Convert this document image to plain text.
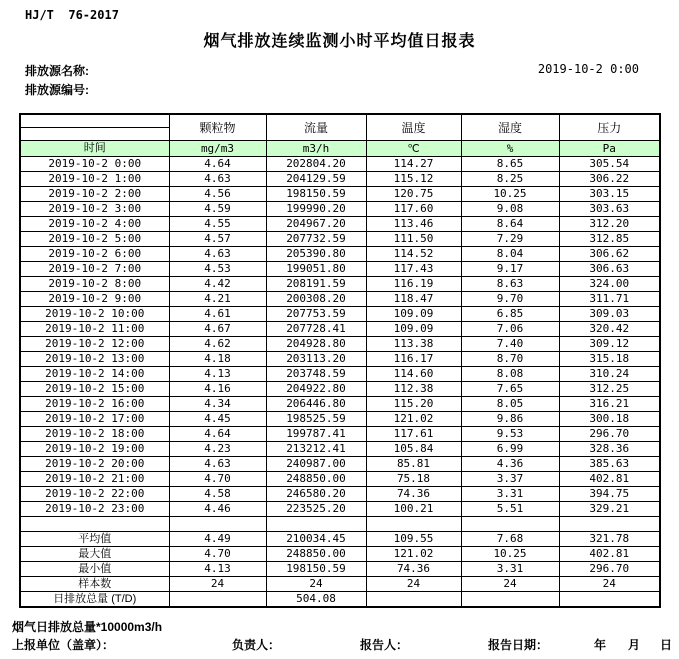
HJ/T  76-2017
烟气排放连续监测小时平均值日报表
排放源名称:	2019-10-2 0:00
排放源编号:
	颗粒物	流量	温度	湿度	压力

时间	mg/m3	m3/h	℃	%	Pa
2019-10-2 0:00	4.64	202804.20	114.27	8.65	305.54
2019-10-2 1:00	4.63	204129.59	115.12	8.25	306.22
2019-10-2 2:00	4.56	198150.59	120.75	10.25	303.15
2019-10-2 3:00	4.59	199990.20	117.60	9.08	303.63
2019-10-2 4:00	4.55	204967.20	113.46	8.64	312.20
2019-10-2 5:00	4.57	207732.59	111.50	7.29	312.85
2019-10-2 6:00	4.63	205390.80	114.52	8.04	306.62
2019-10-2 7:00	4.53	199051.80	117.43	9.17	306.63
2019-10-2 8:00	4.42	208191.59	116.19	8.63	324.00
2019-10-2 9:00	4.21	200308.20	118.47	9.70	311.71
2019-10-2 10:00	4.61	207753.59	109.09	6.85	309.03
2019-10-2 11:00	4.67	207728.41	109.09	7.06	320.42
2019-10-2 12:00	4.62	204928.80	113.38	7.40	309.12
2019-10-2 13:00	4.18	203113.20	116.17	8.70	315.18
2019-10-2 14:00	4.13	203748.59	114.60	8.08	310.24
2019-10-2 15:00	4.16	204922.80	112.38	7.65	312.25
2019-10-2 16:00	4.34	206446.80	115.20	8.05	316.21
2019-10-2 17:00	4.45	198525.59	121.02	9.86	300.18
2019-10-2 18:00	4.64	199787.41	117.61	9.53	296.70
2019-10-2 19:00	4.23	213212.41	105.84	6.99	328.36
2019-10-2 20:00	4.63	240987.00	85.81	4.36	385.63
2019-10-2 21:00	4.70	248850.00	75.18	3.37	402.81
2019-10-2 22:00	4.58	246580.20	74.36	3.31	394.75
2019-10-2 23:00	4.46	223525.20	100.21	5.51	329.21

平均值	4.49	210034.45	109.55	7.68	321.78
最大值	4.70	248850.00	121.02	10.25	402.81
最小值	4.13	198150.59	74.36	3.31	296.70
样本数	24	24	24	24	24
日排放总量 (T/D)		504.08			
烟气日排放总量*10000m3/h
上报单位（盖章）：	负责人：	报告人：	报告日期：	年 月 日
